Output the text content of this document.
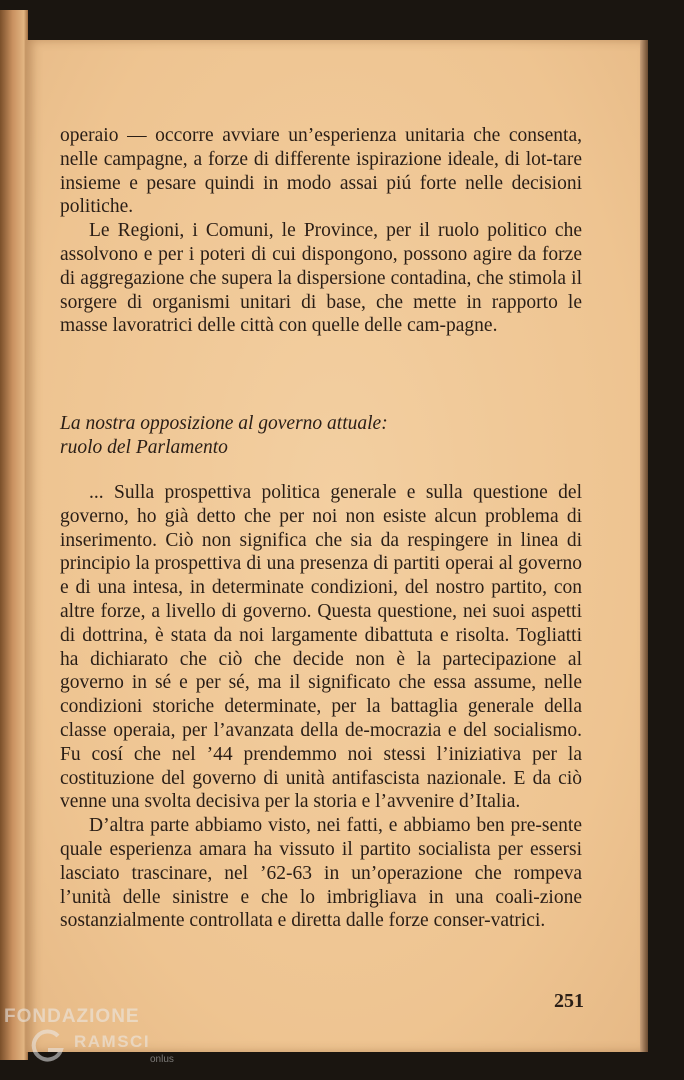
operaio — occorre avviare un’esperienza unitaria che consenta, nelle campagne, a forze di differente ispirazione ideale, di lot-tare insieme e pesare quindi in modo assai piú forte nelle decisioni politiche.

Le Regioni, i Comuni, le Province, per il ruolo politico che assolvono e per i poteri di cui dispongono, possono agire da forze di aggregazione che supera la dispersione contadina, che stimola il sorgere di organismi unitari di base, che mette in rapporto le masse lavoratrici delle città con quelle delle cam-pagne.

La nostra opposizione al governo attuale:
ruolo del Parlamento

... Sulla prospettiva politica generale e sulla questione del governo, ho già detto che per noi non esiste alcun problema di inserimento. Ciò non significa che sia da respingere in linea di principio la prospettiva di una presenza di partiti operai al governo e di una intesa, in determinate condizioni, del nostro partito, con altre forze, a livello di governo. Questa questione, nei suoi aspetti di dottrina, è stata da noi largamente dibattuta e risolta. Togliatti ha dichiarato che ciò che decide non è la partecipazione al governo in sé e per sé, ma il significato che essa assume, nelle condizioni storiche determinate, per la battaglia generale della classe operaia, per l’avanzata della de-mocrazia e del socialismo. Fu cosí che nel ’44 prendemmo noi stessi l’iniziativa per la costituzione del governo di unità antifascista nazionale. E da ciò venne una svolta decisiva per la storia e l’avvenire d’Italia.

D’altra parte abbiamo visto, nei fatti, e abbiamo ben pre-sente quale esperienza amara ha vissuto il partito socialista per essersi lasciato trascinare, nel ’62-63 in un’operazione che rompeva l’unità delle sinistre e che lo imbrigliava in una coali-zione sostanzialmente controllata e diretta dalle forze conser-vatrici.

251
FONDAZIONE
RAMSCI
onlus
